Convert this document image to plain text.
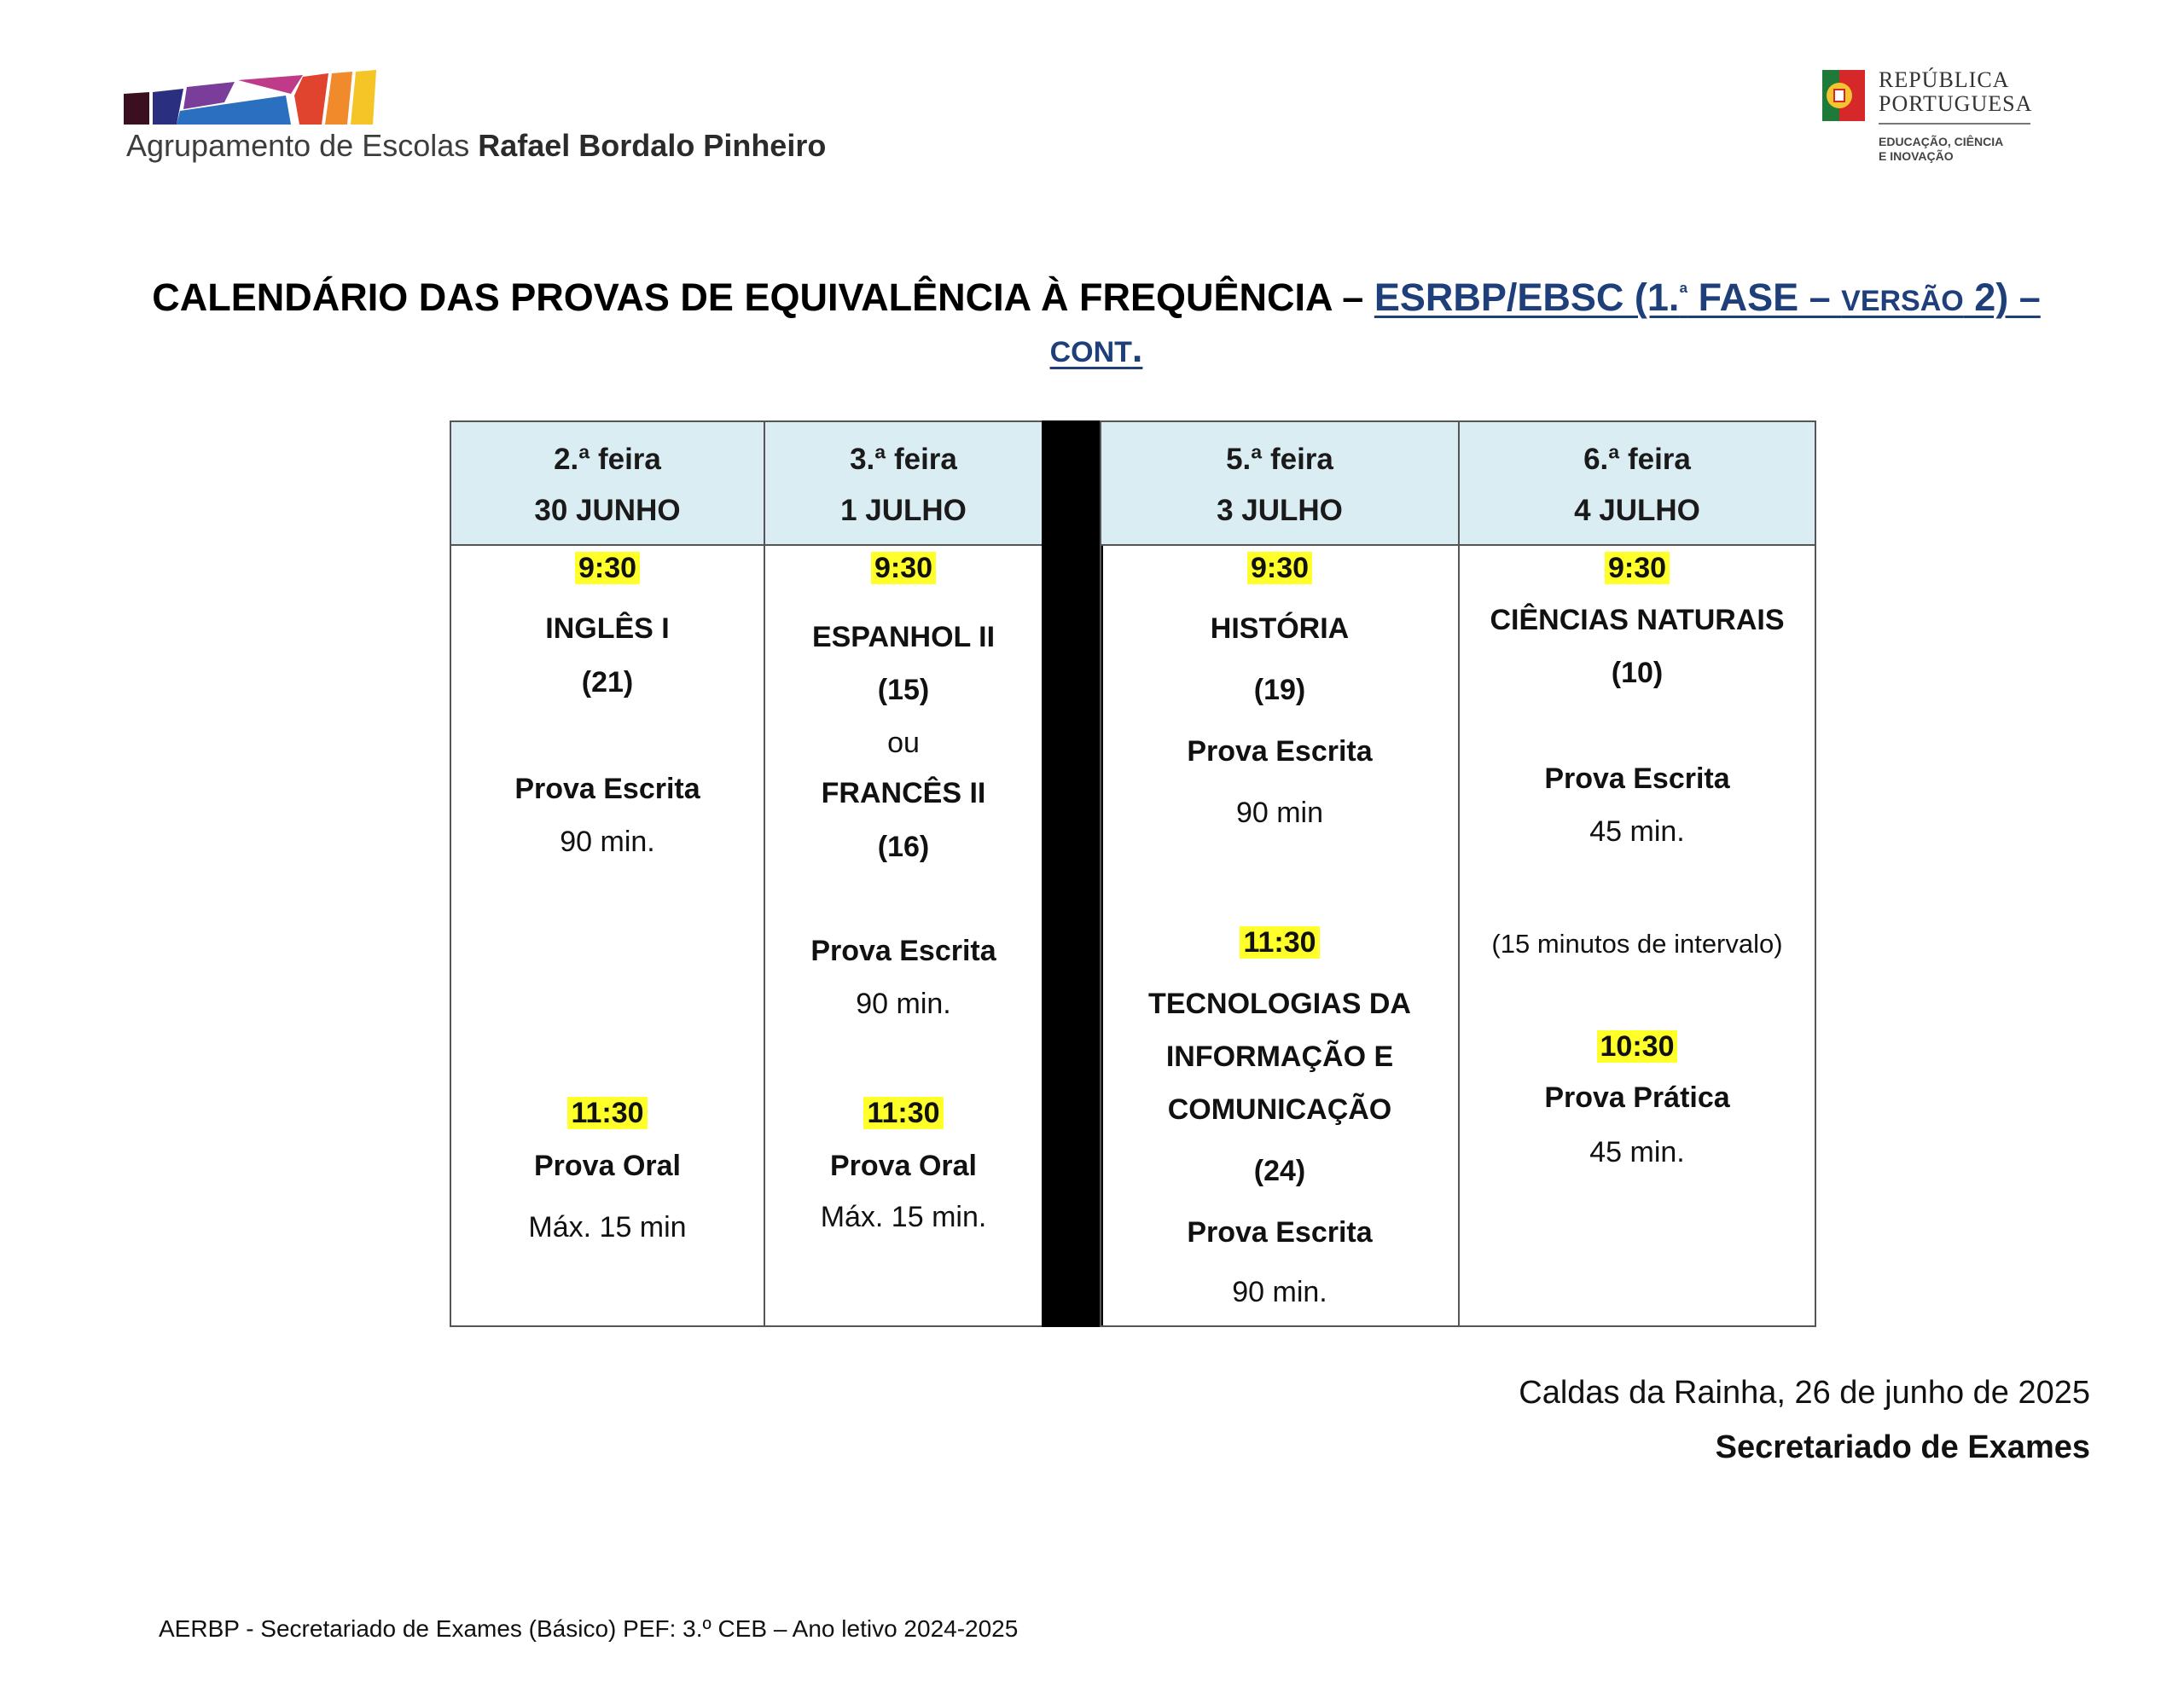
Agrupamento de Escolas Rafael Bordalo Pinheiro
REPÚBLICA
PORTUGUESA
EDUCAÇÃO, CIÊNCIA
E INOVAÇÃO
CALENDÁRIO DAS PROVAS DE EQUIVALÊNCIA À FREQUÊNCIA – ESRBP/EBSC (1.$^ª$ FASE – VERSÃO 2) –
CONT.
2.ª feira
30 JUNHO
9:30
INGLÊS I
(21)
Prova Escrita
90 min.
11:30
Prova Oral
Máx. 15 min
3.ª feira
1 JULHO
9:30
ESPANHOL II
(15)
ou
FRANCÊS II
(16)
Prova Escrita
90 min.
11:30
Prova Oral
Máx. 15 min.
5.ª feira
3 JULHO
9:30
HISTÓRIA
(19)
Prova Escrita
90 min
11:30
TECNOLOGIAS DA
INFORMAÇÃO E
COMUNICAÇÃO
(24)
Prova Escrita
90 min.
6.ª feira
4 JULHO
9:30
CIÊNCIAS NATURAIS
(10)
Prova Escrita
45 min.
(15 minutos de intervalo)
10:30
Prova Prática
45 min.
Caldas da Rainha, 26 de junho de 2025
Secretariado de Exames
AERBP - Secretariado de Exames (Básico) PEF: 3.º CEB – Ano letivo 2024-2025
